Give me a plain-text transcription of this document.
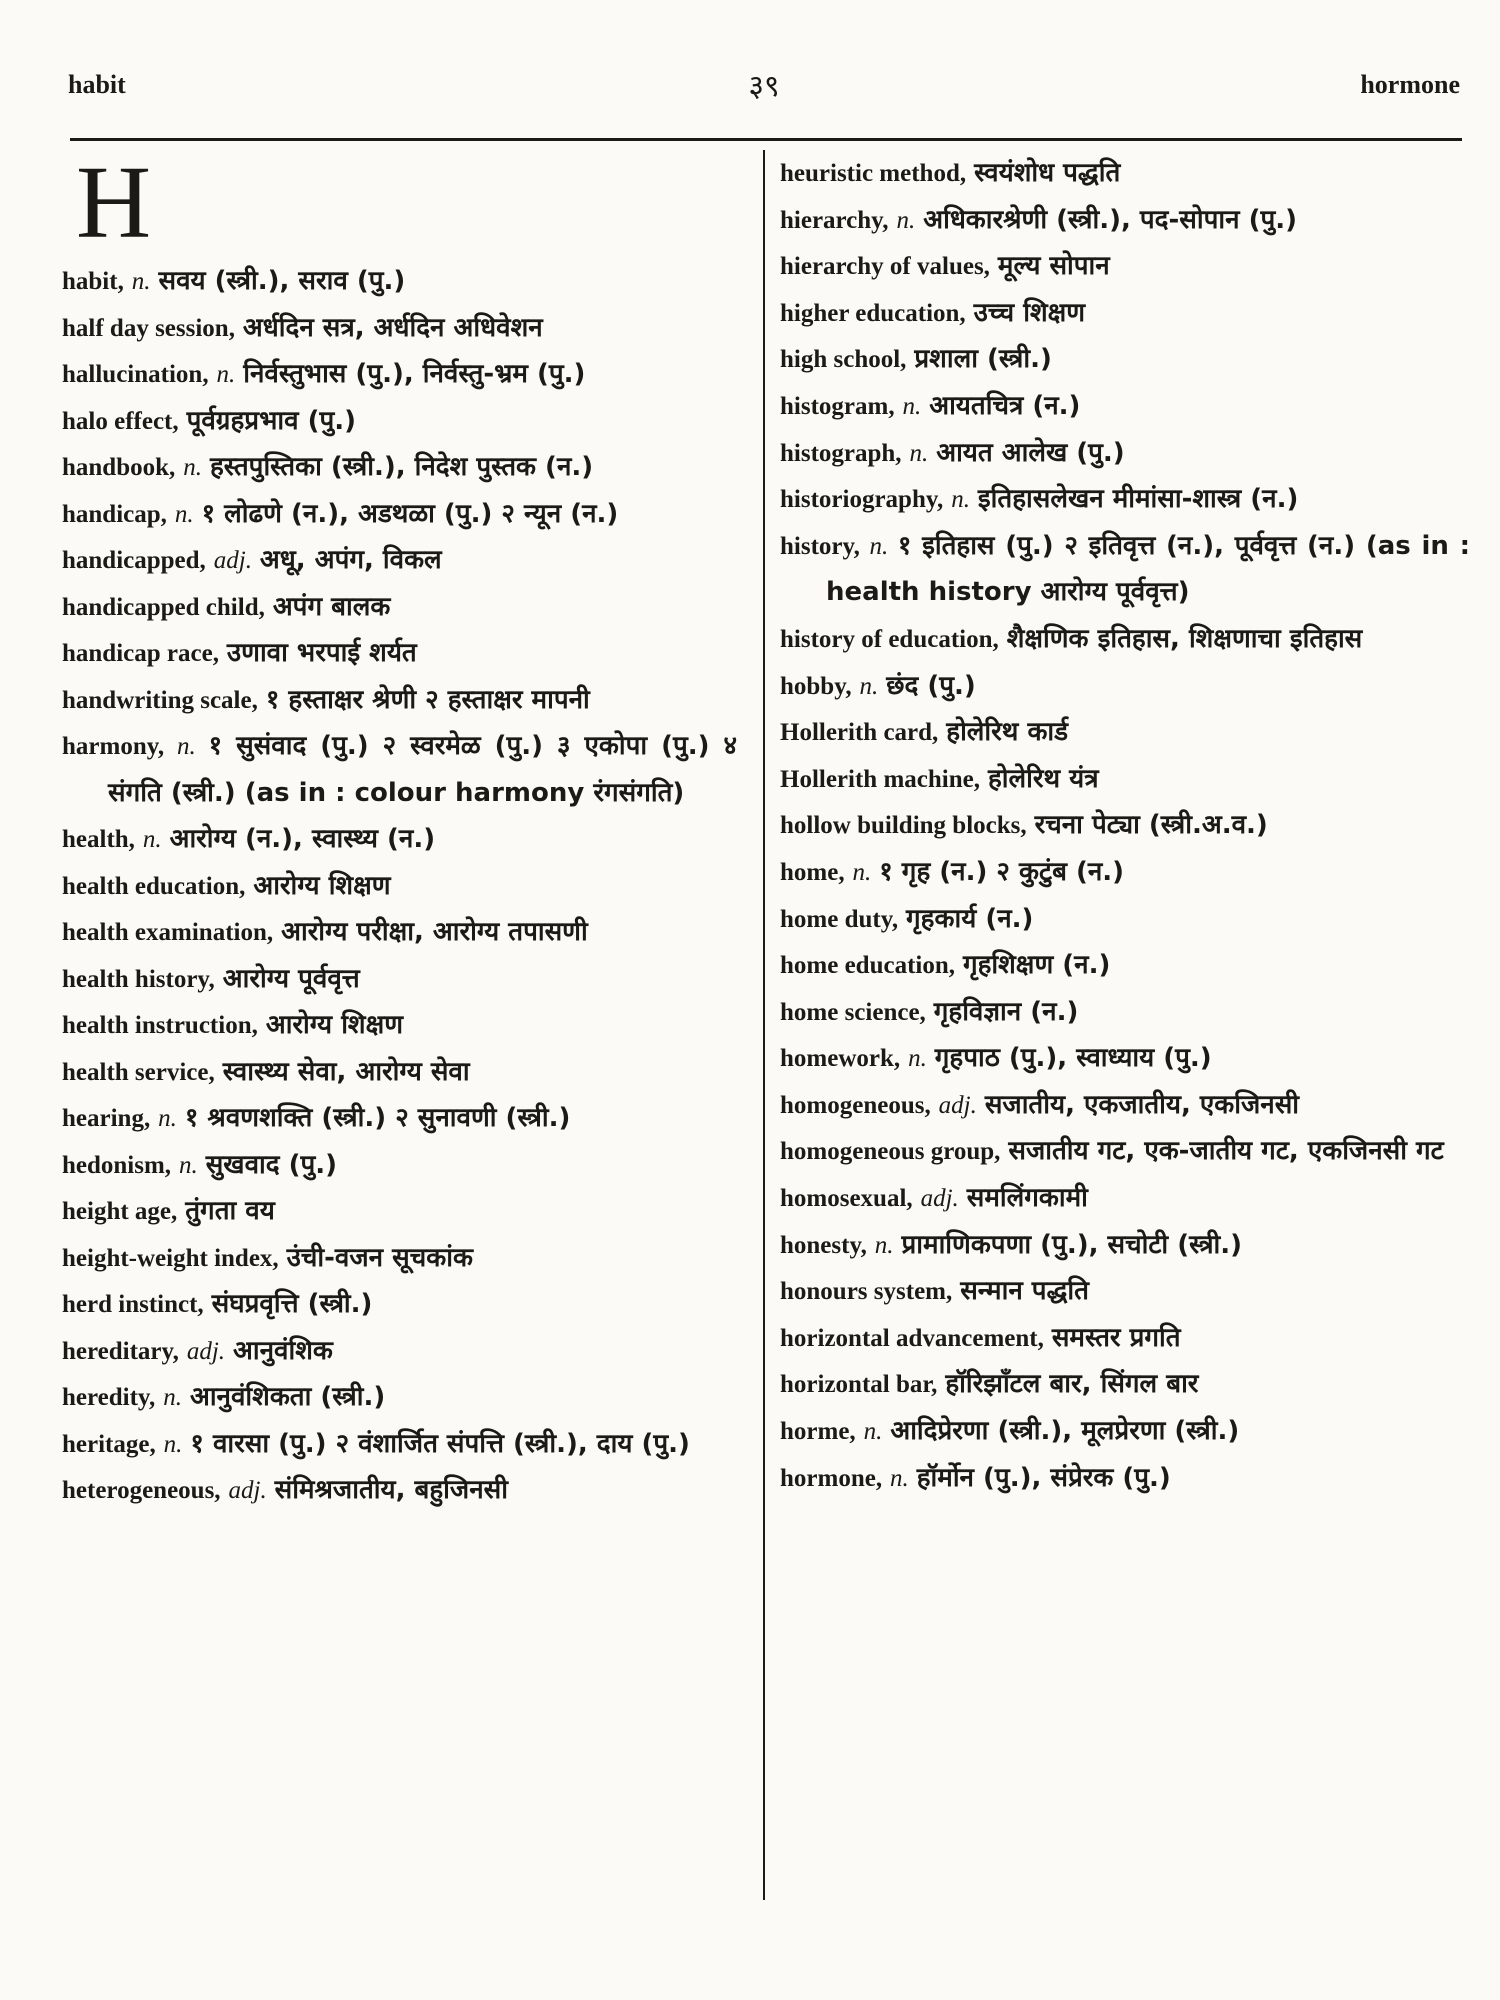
habit	३९	hormone
H
habit, n. सवय (स्त्री.), सराव (पु.)
half day session, अर्धदिन सत्र, अर्धदिन अधिवेशन
hallucination, n. निर्वस्तुभास (पु.), निर्वस्तु-भ्रम (पु.)
halo effect, पूर्वग्रहप्रभाव (पु.)
handbook, n. हस्तपुस्तिका (स्त्री.), निदेश पुस्तक (न.)
handicap, n. १ लोढणे (न.), अडथळा (पु.) २ न्यून (न.)
handicapped, adj. अधू, अपंग, विकल
handicapped child, अपंग बालक
handicap race, उणावा भरपाई शर्यत
handwriting scale, १ हस्ताक्षर श्रेणी २ हस्ताक्षर मापनी
harmony, n. १ सुसंवाद (पु.) २ स्वरमेळ (पु.) ३ एकोपा (पु.) ४ संगति (स्त्री.) (as in : colour harmony रंगसंगति)
health, n. आरोग्य (न.), स्वास्थ्य (न.)
health education, आरोग्य शिक्षण
health examination, आरोग्य परीक्षा, आरोग्य तपासणी
health history, आरोग्य पूर्ववृत्त
health instruction, आरोग्य शिक्षण
health service, स्वास्थ्य सेवा, आरोग्य सेवा
hearing, n. १ श्रवणशक्ति (स्त्री.) २ सुनावणी (स्त्री.)
hedonism, n. सुखवाद (पु.)
height age, तुंगता वय
height-weight index, उंची-वजन सूचकांक
herd instinct, संघप्रवृत्ति (स्त्री.)
hereditary, adj. आनुवंशिक
heredity, n. आनुवंशिकता (स्त्री.)
heritage, n. १ वारसा (पु.) २ वंशार्जित संपत्ति (स्त्री.), दाय (पु.)
heterogeneous, adj. संमिश्रजातीय, बहुजिनसी
heuristic method, स्वयंशोध पद्धति
hierarchy, n. अधिकारश्रेणी (स्त्री.), पद-सोपान (पु.)
hierarchy of values, मूल्य सोपान
higher education, उच्च शिक्षण
high school, प्रशाला (स्त्री.)
histogram, n. आयतचित्र (न.)
histograph, n. आयत आलेख (पु.)
historiography, n. इतिहासलेखन मीमांसा-शास्त्र (न.)
history, n. १ इतिहास (पु.) २ इतिवृत्त (न.), पूर्ववृत्त (न.) (as in : health history आरोग्य पूर्ववृत्त)
history of education, शैक्षणिक इतिहास, शिक्षणाचा इतिहास
hobby, n. छंद (पु.)
Hollerith card, होलेरिथ कार्ड
Hollerith machine, होलेरिथ यंत्र
hollow building blocks, रचना पेट्या (स्त्री.अ.व.)
home, n. १ गृह (न.) २ कुटुंब (न.)
home duty, गृहकार्य (न.)
home education, गृहशिक्षण (न.)
home science, गृहविज्ञान (न.)
homework, n. गृहपाठ (पु.), स्वाध्याय (पु.)
homogeneous, adj. सजातीय, एकजातीय, एकजिनसी
homogeneous group, सजातीय गट, एक-जातीय गट, एकजिनसी गट
homosexual, adj. समलिंगकामी
honesty, n. प्रामाणिकपणा (पु.), सचोटी (स्त्री.)
honours system, सन्मान पद्धति
horizontal advancement, समस्तर प्रगति
horizontal bar, हॉरिझाँटल बार, सिंगल बार
horme, n. आदिप्रेरणा (स्त्री.), मूलप्रेरणा (स्त्री.)
hormone, n. हॉर्मोन (पु.), संप्रेरक (पु.)
